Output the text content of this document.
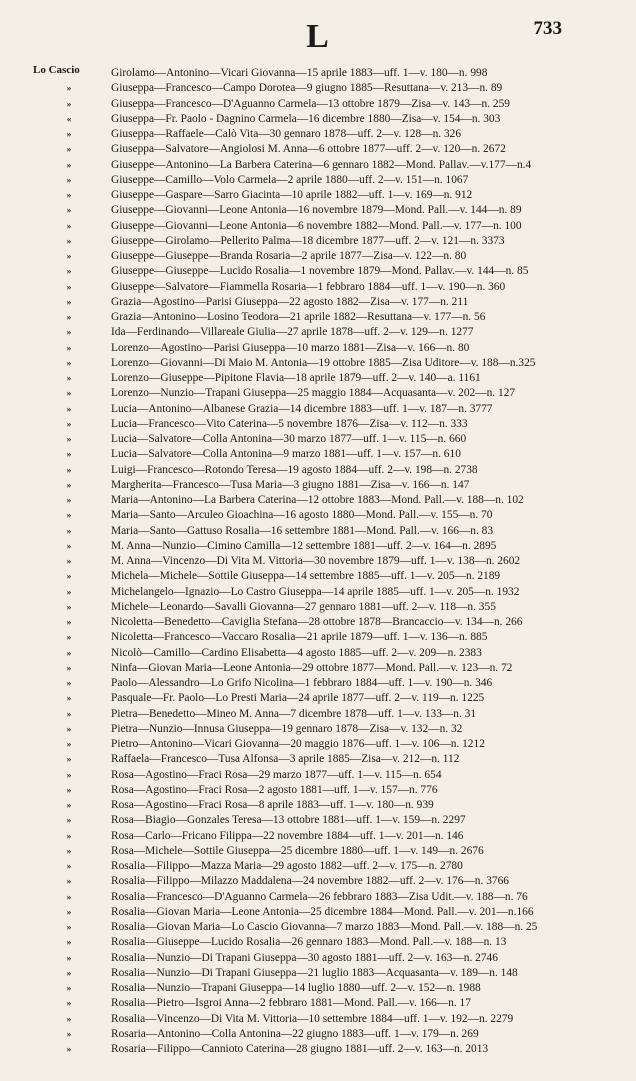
L	733
Lo Cascio	Girolamo—Antonino—Vicari Giovanna—15 aprile 1883—uff. 1—v. 180—n. 998
»	Giuseppa—Francesco—Campo Dorotea—9 giugno 1885—Resuttana—v. 213—n. 89
»	Giuseppa—Francesco—D'Aguanno Carmela—13 ottobre 1879—Zisa—v. 143—n. 259
«	Giuseppa—Fr. Paolo - Dagnino Carmela—16 dicembre 1880—Zisa—v. 154—n. 303
»	Giuseppa—Raffaele—Calò Vita—30 gennaro 1878—uff. 2—v. 128—n. 326
»	Giuseppa—Salvatore—Angiolosi M. Anna—6 ottobre 1877—uff. 2—v. 120—n. 2672
»	Giuseppe—Antonino—La Barbera Caterina—6 gennaro 1882—Mond. Pallav.—v.177—n.4
»	Giuseppe—Camillo—Volo Carmela—2 aprile 1880—uff. 2—v. 151—n. 1067
»	Giuseppe—Gaspare—Sarro Giacinta—10 aprile 1882—uff. 1—v. 169—n. 912
»	Giuseppe—Giovanni—Leone Antonia—16 novembre 1879—Mond. Pall.—v. 144—n. 89
»	Giuseppe—Giovanni—Leone Antonia—6 novembre 1882—Mond. Pall.—v. 177—n. 100
»	Giuseppe—Girolamo—Pellerito Palma—18 dicembre 1877—uff. 2—v. 121—n. 3373
»	Giuseppe—Giuseppe—Branda Rosaria—2 aprile 1877—Zisa—v. 122—n. 80
»	Giuseppe—Giuseppe—Lucido Rosalia—1 novembre 1879—Mond. Pallav.—v. 144—n. 85
»	Giuseppe—Salvatore—Fiammella Rosaria—1 febbraro 1884—uff. 1—v. 190—n. 360
»	Grazia—Agostino—Parisi Giuseppa—22 agosto 1882—Zisa—v. 177—n. 211
»	Grazia—Antonino—Losino Teodora—21 aprile 1882—Resuttana—v. 177—n. 56
»	Ida—Ferdinando—Villareale Giulia—27 aprile 1878—uff. 2—v. 129—n. 1277
»	Lorenzo—Agostino—Parisi Giuseppa—10 marzo 1881—Zisa—v. 166—n. 80
»	Lorenzo—Giovanni—Di Maio M. Antonia—19 ottobre 1885—Zisa Uditore—v. 188—n.325
»	Lorenzo—Giuseppe—Pipitone Flavia—18 aprile 1879—uff. 2—v. 140—a. 1161
»	Lorenzo—Nunzio—Trapani Giuseppa—25 maggio 1884—Acquasanta—v. 202—n. 127
»	Lucia—Antonino—Albanese Grazia—14 dicembre 1883—uff. 1—v. 187—n. 3777
»	Lucia—Francesco—Vito Caterina—5 novembre 1876—Zisa—v. 112—n. 333
»	Lucia—Salvatore—Colla Antonina—30 marzo 1877—uff. 1—v. 115—n. 660
»	Lucia—Salvatore—Colla Antonina—9 marzo 1881—uff. 1—v. 157—n. 610
»	Luigi—Francesco—Rotondo Teresa—19 agosto 1884—uff. 2—v. 198—n. 2738
»	Margherita—Francesco—Tusa Maria—3 giugno 1881—Zisa—v. 166—n. 147
»	Maria—Antonino—La Barbera Caterina—12 ottobre 1883—Mond. Pall.—v. 188—n. 102
»	Maria—Santo—Arculeo Gioachina—16 agosto 1880—Mond. Pall.—v. 155—n. 70
»	Maria—Santo—Gattuso Rosalia—16 settembre 1881—Mond. Pall.—v. 166—n. 83
»	M. Anna—Nunzio—Cimino Camilla—12 settembre 1881—uff. 2—v. 164—n. 2895
»	M. Anna—Vincenzo—Di Vita M. Vittoria—30 novembre 1879—uff. 1—v. 138—n. 2602
»	Michela—Michele—Sottile Giuseppa—14 settembre 1885—uff. 1—v. 205—n. 2189
»	Michelangelo—Ignazio—Lo Castro Giuseppa—14 aprile 1885—uff. 1—v. 205—n. 1932
»	Michele—Leonardo—Savalli Giovanna—27 gennaro 1881—uff. 2—v. 118—n. 355
»	Nicoletta—Benedetto—Caviglia Stefana—28 ottobre 1878—Brancaccio—v. 134—n. 266
»	Nicoletta—Francesco—Vaccaro Rosalia—21 aprile 1879—uff. 1—v. 136—n. 885
»	Nicolò—Camillo—Cardino Elisabetta—4 agosto 1885—uff. 2—v. 209—n. 2383
»	Ninfa—Giovan Maria—Leone Antonia—29 ottobre 1877—Mond. Pall.—v. 123—n. 72
»	Paolo—Alessandro—Lo Grifo Nicolina—1 febbraro 1884—uff. 1—v. 190—n. 346
»	Pasquale—Fr. Paolo—Lo Presti Maria—24 aprile 1877—uff. 2—v. 119—n. 1225
»	Pietra—Benedetto—Mineo M. Anna—7 dicembre 1878—uff. 1—v. 133—n. 31
»	Pietra—Nunzio—Innusa Giuseppa—19 gennaro 1878—Zisa—v. 132—n. 32
»	Pietro—Antonino—Vicari Giovanna—20 maggio 1876—uff. 1—v. 106—n. 1212
»	Raffaela—Francesco—Tusa Alfonsa—3 aprile 1885—Zisa—v. 212—n. 112
»	Rosa—Agostino—Fraci Rosa—29 marzo 1877—uff. 1—v. 115—n. 654
»	Rosa—Agostino—Fraci Rosa—2 agosto 1881—uff. 1—v. 157—n. 776
»	Rosa—Agostino—Fraci Rosa—8 aprile 1883—uff. 1—v. 180—n. 939
»	Rosa—Biagio—Gonzales Teresa—13 ottobre 1881—uff. 1—v. 159—n. 2297
»	Rosa—Carlo—Fricano Filippa—22 novembre 1884—uff. 1—v. 201—n. 146
»	Rosa—Michele—Sottile Giuseppa—25 dicembre 1880—uff. 1—v. 149—n. 2676
»	Rosalia—Filippo—Mazza Maria—29 agosto 1882—uff. 2—v. 175—n. 2780
»	Rosalia—Filippo—Milazzo Maddalena—24 novembre 1882—uff. 2—v. 176—n. 3766
»	Rosalia—Francesco—D'Aguanno Carmela—26 febbraro 1883—Zisa Udit.—v. 188—n. 76
»	Rosalia—Giovan Maria—Leone Antonia—25 dicembre 1884—Mond. Pall.—v. 201—n.166
»	Rosalia—Giovan Maria—Lo Cascio Giovanna—7 marzo 1883—Mond. Pall.—v. 188—n. 25
»	Rosalia—Giuseppe—Lucido Rosalia—26 gennaro 1883—Mond. Pall.—v. 188—n. 13
»	Rosalia—Nunzio—Di Trapani Giuseppa—30 agosto 1881—uff. 2—v. 163—n. 2746
»	Rosalia—Nunzio—Di Trapani Giuseppa—21 luglio 1883—Acquasanta—v. 189—n. 148
»	Rosalia—Nunzio—Trapani Giuseppa—14 luglio 1880—uff. 2—v. 152—n. 1988
»	Rosalia—Pietro—Isgroi Anna—2 febbraro 1881—Mond. Pall.—v. 166—n. 17
»	Rosalia—Vincenzo—Di Vita M. Vittoria—10 settembre 1884—uff. 1—v. 192—n. 2279
»	Rosaria—Antonino—Colla Antonina—22 giugno 1883—uff. 1—v. 179—n. 269
»	Rosaria—Filippo—Cannioto Caterina—28 giugno 1881—uff. 2—v. 163—n. 2013
